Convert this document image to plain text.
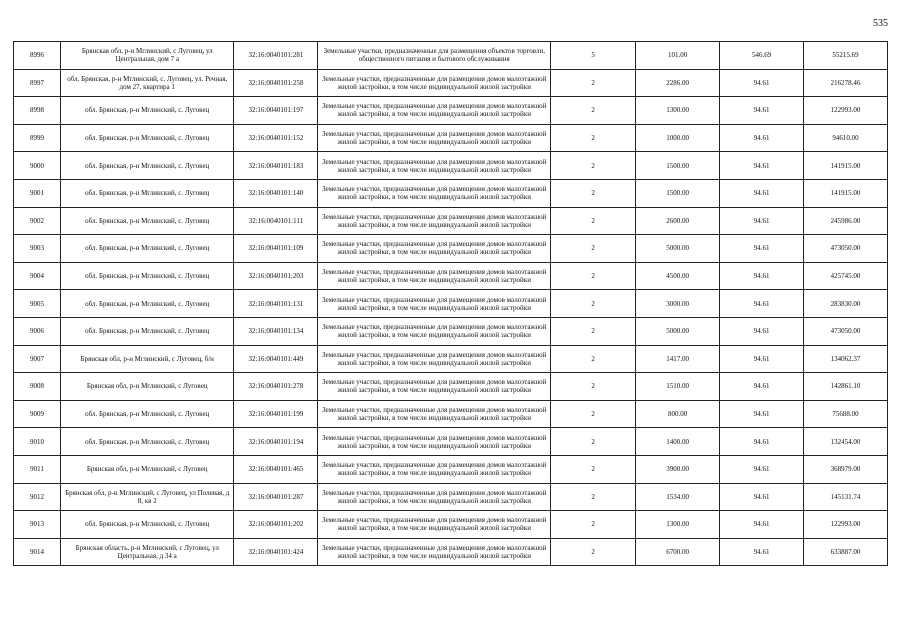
535
8996	Брянская обл, р-н Мглинский, с Луговец, ул Центральная, дом 7 а	32:16:0040101:281	Земельные участки, предназначенные для размещения объектов торговли, общественного питания и бытового обслуживания	5	101.00	546.69	55215.69
8997	обл. Брянская, р-н Мглинский, с. Луговец, ул. Речная, дом 27, квартира 1	32:16:0040101:258	Земельные участки, предназначенные для размещения домов малоэтажной жилой застройки, в том числе индивидуальной жилой застройки	2	2286.00	94.61	216278.46
8998	обл. Брянская, р-н Мглинский, с. Луговец	32:16:0040101:197	Земельные участки, предназначенные для размещения домов малоэтажной жилой застройки, в том числе индивидуальной жилой застройки	2	1300.00	94.61	122993.00
8999	обл. Брянская, р-н Мглинский, с. Луговец	32:16:0040101:152	Земельные участки, предназначенные для размещения домов малоэтажной жилой застройки, в том числе индивидуальной жилой застройки	2	1000.00	94.61	94610.00
9000	обл. Брянская, р-н Мглинский, с. Луговец	32:16:0040101:183	Земельные участки, предназначенные для размещения домов малоэтажной жилой застройки, в том числе индивидуальной жилой застройки	2	1500.00	94.61	141915.00
9001	обл. Брянская, р-н Мглинский, с. Луговец	32:16:0040101:140	Земельные участки, предназначенные для размещения домов малоэтажной жилой застройки, в том числе индивидуальной жилой застройки	2	1500.00	94.61	141915.00
9002	обл. Брянская, р-н Мглинский, с. Луговец	32:16:0040101:111	Земельные участки, предназначенные для размещения домов малоэтажной жилой застройки, в том числе индивидуальной жилой застройки	2	2600.00	94.61	245986.00
9003	обл. Брянская, р-н Мглинский, с. Луговец	32:16:0040101:109	Земельные участки, предназначенные для размещения домов малоэтажной жилой застройки, в том числе индивидуальной жилой застройки	2	5000.00	94.61	473050.00
9004	обл. Брянская, р-н Мглинский, с. Луговец	32:16:0040101:203	Земельные участки, предназначенные для размещения домов малоэтажной жилой застройки, в том числе индивидуальной жилой застройки	2	4500.00	94.61	425745.00
9005	обл. Брянская, р-н Мглинский, с. Луговец	32:16:0040101:131	Земельные участки, предназначенные для размещения домов малоэтажной жилой застройки, в том числе индивидуальной жилой застройки	2	3000.00	94.61	283830.00
9006	обл. Брянская, р-н Мглинский, с. Луговец	32:16:0040101:134	Земельные участки, предназначенные для размещения домов малоэтажной жилой застройки, в том числе индивидуальной жилой застройки	2	5000.00	94.61	473050.00
9007	Брянская обл, р-н Мглинский, с Луговец, б/н	32:16:0040101:449	Земельные участки, предназначенные для размещения домов малоэтажной жилой застройки, в том числе индивидуальной жилой застройки	2	1417.00	94.61	134062.37
9008	Брянская обл, р-н Мглинский, с Луговец	32:16:0040101:278	Земельные участки, предназначенные для размещения домов малоэтажной жилой застройки, в том числе индивидуальной жилой застройки	2	1510.00	94.61	142861.10
9009	обл. Брянская, р-н Мглинский, с. Луговец	32:16:0040101:199	Земельные участки, предназначенные для размещения домов малоэтажной жилой застройки, в том числе индивидуальной жилой застройки	2	800.00	94.61	75688.00
9010	обл. Брянская, р-н Мглинский, с. Луговец	32:16:0040101:194	Земельные участки, предназначенные для размещения домов малоэтажной жилой застройки, в том числе индивидуальной жилой застройки	2	1400.00	94.61	132454.00
9011	Брянская обл, р-н Мглинский, с Луговец	32:16:0040101:465	Земельные участки, предназначенные для размещения домов малоэтажной жилой застройки, в том числе индивидуальной жилой застройки	2	3900.00	94.61	368979.00
9012	Брянская обл, р-н Мглинский, с Луговец, ул Полевая, д 8, кв 2	32:16:0040101:287	Земельные участки, предназначенные для размещения домов малоэтажной жилой застройки, в том числе индивидуальной жилой застройки	2	1534.00	94.61	145131.74
9013	обл. Брянская, р-н Мглинский, с. Луговец	32:16:0040101:202	Земельные участки, предназначенные для размещения домов малоэтажной жилой застройки, в том числе индивидуальной жилой застройки	2	1300.00	94.61	122993.00
9014	Брянская область, р-н Мглинский, с Луговец, ул Центральная, д 34 а	32:16:0040101:424	Земельные участки, предназначенные для размещения домов малоэтажной жилой застройки, в том числе индивидуальной жилой застройки	2	6700.00	94.61	633887.00
